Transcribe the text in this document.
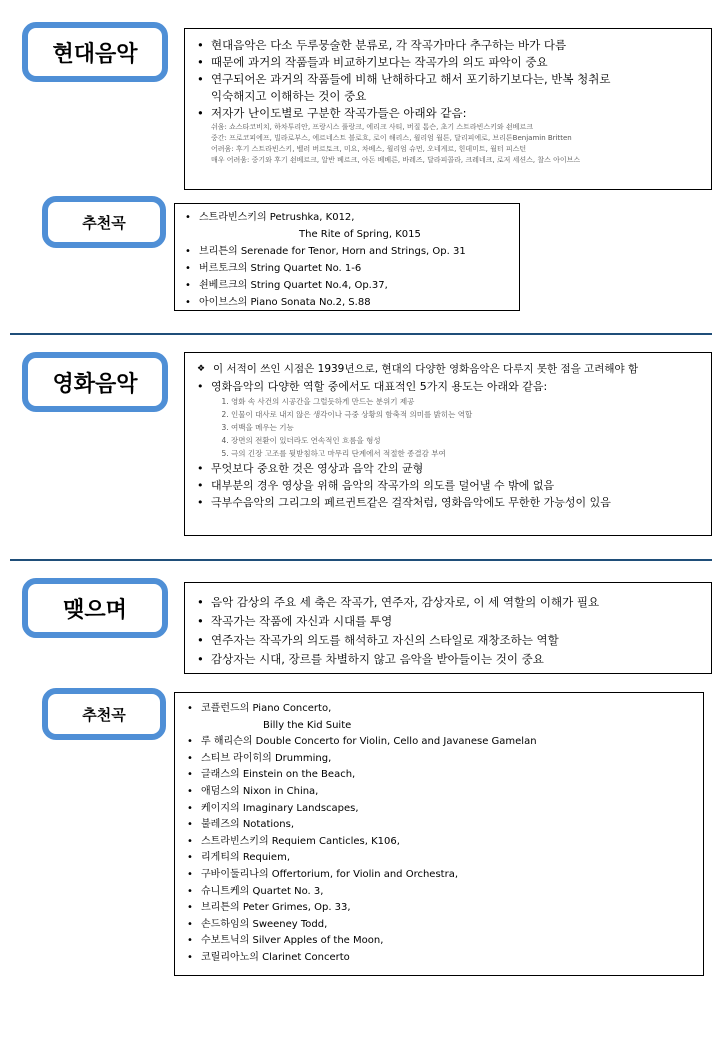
현대음악	• 현대음악은 다소 두루뭉술한 분류로, 각 작곡가마다 추구하는 바가 다름
• 때문에 과거의 작품들과 비교하기보다는 작곡가의 의도 파악이 중요
• 연구되어온 과거의 작품들에 비해 난해하다고 해서 포기하기보다는, 반복 청취로
익숙해지고 이해하는 것이 중요
• 저자가 난이도별로 구분한 작곡가들은 아래와 같음:
쉬움: 쇼스타코비치, 하차투리안, 프랑시스 풀랑크, 에리크 사티, 버질 톰슨, 초기 스트라빈스키와 쇤베르크
중간: 프로코피에프, 빌라로부스, 에르네스트 블로흐, 로이 해리스, 윌리엄 월튼, 달리피에로, 브리튼Benjamin Britten
어려움: 후기 스트라빈스키, 벨러 버르토크, 미요, 차베스, 윌리엄 슈먼, 오네게르, 힌데미트, 월터 피스턴
매우 어려움: 중기와 후기 쇤베르크, 알반 베르크, 아돈 베베른, 바레즈, 달라피콜라, 크레네크, 로저 세션스, 찰스 아이브스
추천곡	• 스트라빈스키의 Petrushka, K012,
The Rite of Spring, K015
• 브리튼의 Serenade for Tenor, Horn and Strings, Op. 31
• 버르토크의 String Quartet No. 1-6
• 쇤베르크의 String Quartet No.4, Op.37,
• 아이브스의 Piano Sonata No.2, S.88
영화음악
❖ 이 서적이 쓰인 시점은 1939년으로, 현대의 다양한 영화음악은 다루지 못한 점을 고려해야 함
• 영화음악의 다양한 역할 중에서도 대표적인 5가지 용도는 아래와 같음:
1. 영화 속 사건의 시공간을 그럴듯하게 만드는 분위기 제공
2. 인물이 대사로 내지 않은 생각이나 극중 상황의 함축적 의미를 밝히는 역할
3. 여백을 메우는 기능
4. 장면의 전환이 있더라도 연속적인 흐름을 형성
5. 극의 긴장 고조를 뒷받침하고 마무리 단계에서 적절한 종결감 부여
• 무엇보다 중요한 것은 영상과 음악 간의 균형
• 대부분의 경우 영상을 위해 음악의 작곡가의 의도를 덜어낼 수 밖에 없음
• 극부수음악의 그리그의 페르귄트같은 걸작처럼, 영화음악에도 무한한 가능성이 있음
맺으며	• 음악 감상의 주요 세 축은 작곡가, 연주자, 감상자로, 이 세 역할의 이해가 필요
• 작곡가는 작품에 자신과 시대를 투영
• 연주자는 작곡가의 의도를 해석하고 자신의 스타일로 재창조하는 역할
• 감상자는 시대, 장르를 차별하지 않고 음악을 받아들이는 것이 중요
추천곡	• 코플런드의 Piano Concerto,
Billy the Kid Suite
• 루 해리슨의 Double Concerto for Violin, Cello and Javanese Gamelan
• 스티브 라이히의 Drumming,
• 글래스의 Einstein on the Beach,
• 애덤스의 Nixon in China,
• 케이지의 Imaginary Landscapes,
• 불레즈의 Notations,
• 스트라빈스키의 Requiem Canticles, K106,
• 리게티의 Requiem,
• 구바이둘리나의 Offertorium, for Violin and Orchestra,
• 슈니트케의 Quartet No. 3,
• 브리튼의 Peter Grimes, Op. 33,
• 손드하임의 Sweeney Todd,
• 수보트닉의 Silver Apples of the Moon,
• 코릴리아노의 Clarinet Concerto
